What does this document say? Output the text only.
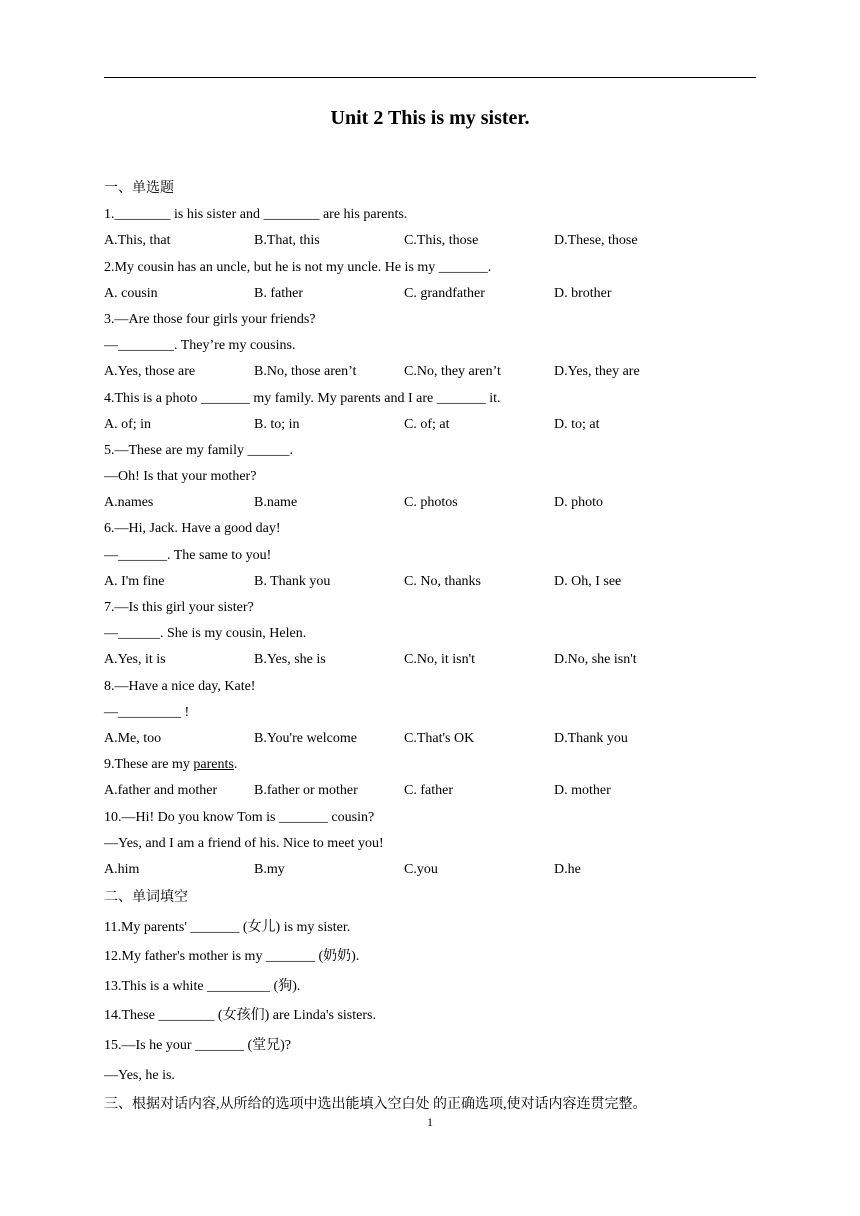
Unit 2 This is my sister.
一、单选题
1.________ is his sister and ________ are his parents.
A.This, that	B.That, this	C.This, those	D.These, those
2.My cousin has an uncle, but he is not my uncle. He is my _______.
A. cousin	B. father	C. grandfather	D. brother
3.—Are those four girls your friends?
—________. They’re my cousins.
A.Yes, those are	B.No, those aren’t	C.No, they aren’t	D.Yes, they are
4.This is a photo _______ my family. My parents and I are _______ it.
A. of; in	B. to; in	C. of; at	D. to; at
5.—These are my family ______.
—Oh! Is that your mother?
A.names	B.name	C. photos	D. photo
6.—Hi, Jack. Have a good day!
—_______. The same to you!
A. I'm fine	B. Thank you	C. No, thanks	D. Oh, I see
7.—Is this girl your sister?
—______. She is my cousin, Helen.
A.Yes, it is	B.Yes, she is	C.No, it isn't	D.No, she isn't
8.—Have a nice day, Kate!
—_________ !
A.Me, too	B.You're welcome	C.That's OK	D.Thank you
9.These are my parents.
A.father and mother	B.father or mother	C. father	D. mother
10.—Hi! Do you know Tom is _______ cousin?
—Yes, and I am a friend of his. Nice to meet you!
A.him	B.my	C.you	D.he
二、单词填空
11.My parents' _______ (女儿) is my sister.
12.My father's mother is my _______ (奶奶).
13.This is a white _________ (狗).
14.These ________ (女孩们) are Linda's sisters.
15.—Is he your _______ (堂兄)?
—Yes, he is.
三、根据对话内容,从所给的选项中选出能填入空白处 的正确选项,使对话内容连贯完整。
1
